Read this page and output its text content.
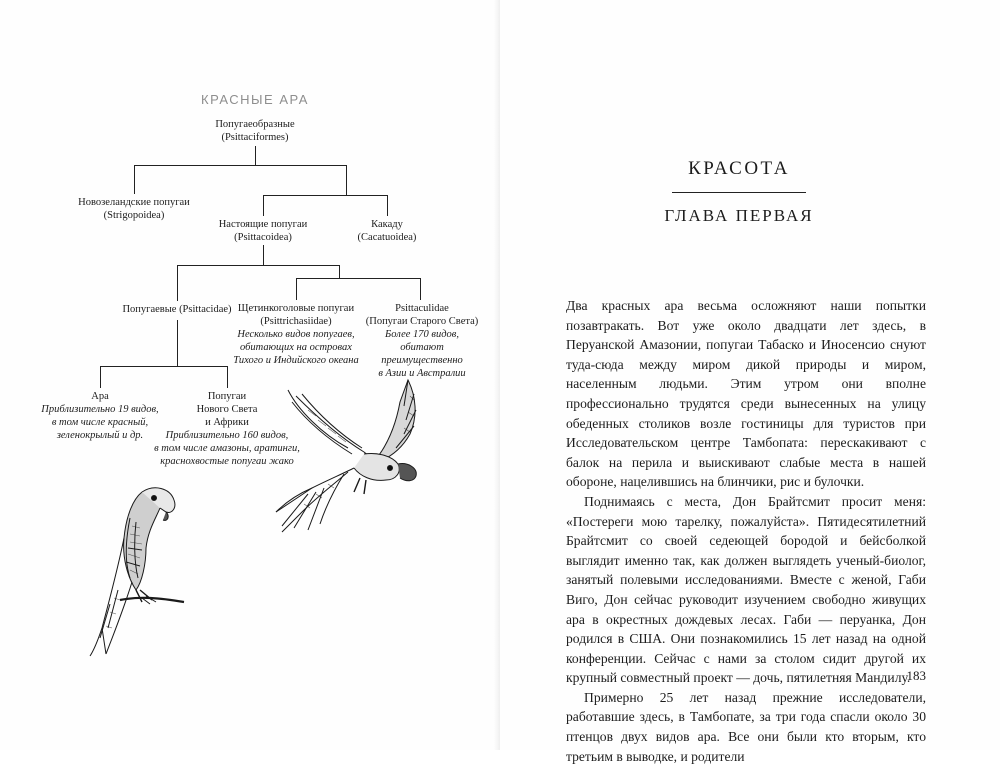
КРАСНЫЕ АРА
Попугаеобразные
(Psittaciformes)
Новозеландские попугаи
(Strigopoidea)
Настоящие попугаи
(Psittacoidea)
Какаду
(Cacatuoidea)
Попугаевые (Psittacidae) Щетинкоголовые попугаи
(Psittrichasiidae)
Несколько видов попугаев,
обитающих на островах
Тихого и Индийского океана
Psittaculidae
(Попугаи Старого Света)
Более 170 видов,
обитают преимущественно
в Азии и Австралии
Ара
Приблизительно 19 видов,
в том числе красный,
зеленокрылый и др.
Попугаи
Нового Света
и Африки
Приблизительно 160 видов,
в том числе амазоны, аратинги,
краснохвостые попугаи жако
КРАСОТА
ГЛАВА ПЕРВАЯ

Два красных ара весьма осложняют наши попытки позавтракать. Вот уже около двадцати лет здесь, в Перуанской Амазонии, попугаи Табаско и Иносенсио снуют туда-сюда между миром дикой природы и миром, населенным людьми. Этим утром они вполне профессионально трудятся среди вынесенных на улицу обеденных столиков возле гостиницы для туристов при Исследовательском центре Тамбопата: перескакивают с балок на перила и выискивают слабые места в нашей обороне, нацелившись на блинчики, рис и булочки.

Поднимаясь с места, Дон Брайтсмит просит меня: «Постереги мою тарелку, пожалуйста». Пятидесятилетний Брайтсмит со своей седеющей бородой и бейсболкой выглядит именно так, как должен выглядеть ученый-биолог, занятый полевыми исследованиями. Вместе с женой, Габи Виго, Дон сейчас руководит изучением свободно живущих ара в окрестных дождевых лесах. Габи — перуанка, Дон родился в США. Они познакомились 15 лет назад на одной конференции. Сейчас с нами за столом сидит другой их крупный совместный проект — дочь, пятилетняя Мандилу.

Примерно 25 лет назад прежние исследователи, работавшие здесь, в Тамбопате, за три года спасли около 30 птенцов двух видов ара. Все они были кто вторым, кто третьим в выводке, и родители

183
